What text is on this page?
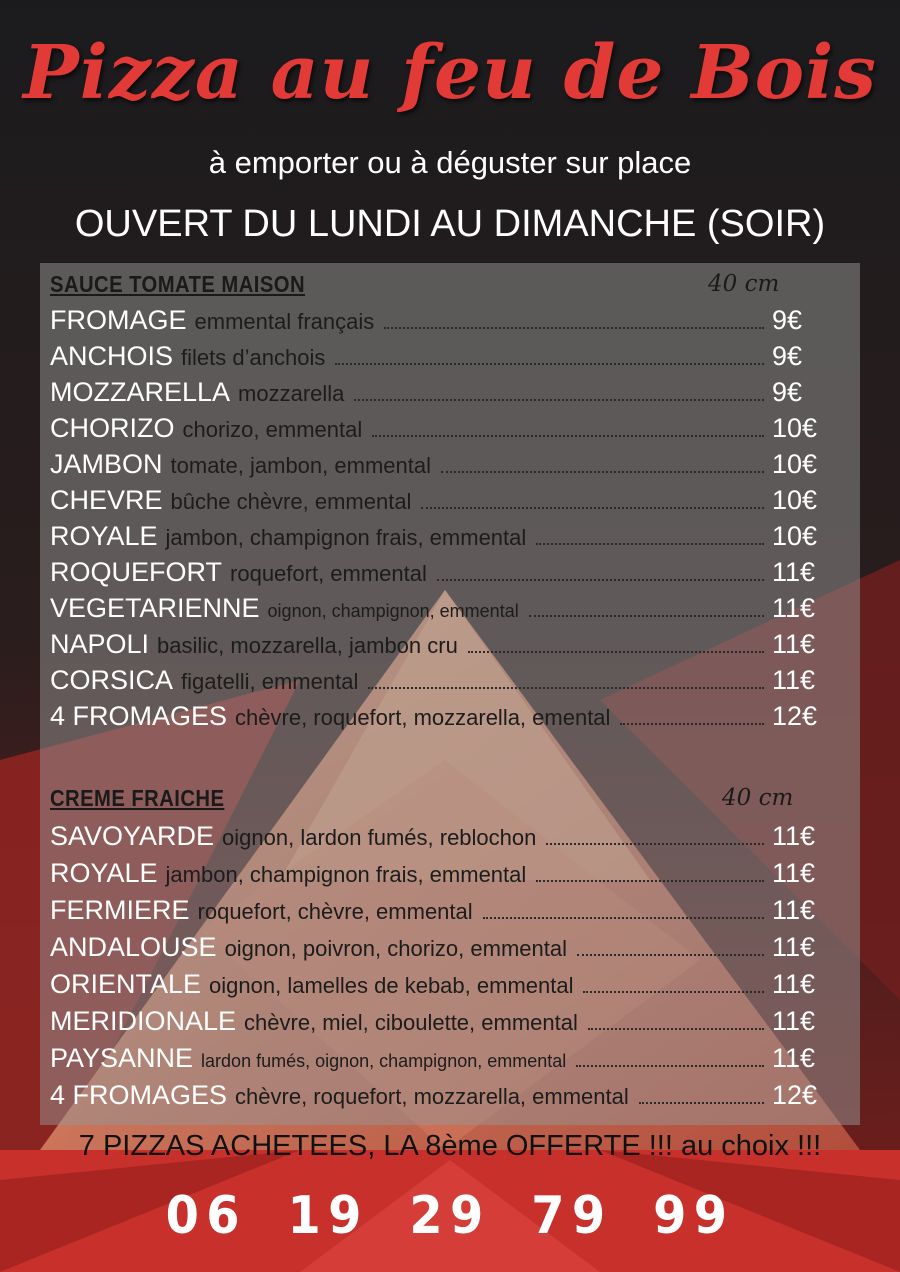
Pizza au feu de Bois
à emporter ou à déguster sur place
OUVERT DU LUNDI AU DIMANCHE (SOIR)
SAUCE TOMATE MAISON	40 cm
FROMAGE emmental français	9€
ANCHOIS filets d’anchois	9€
MOZZARELLA mozzarella	9€
CHORIZO chorizo, emmental	10€
JAMBON tomate, jambon, emmental	10€
CHEVRE bûche chèvre, emmental	10€
ROYALE jambon, champignon frais, emmental	10€
ROQUEFORT roquefort, emmental	11€
VEGETARIENNE oignon, champignon, emmental	11€
NAPOLI basilic, mozzarella, jambon cru	11€
CORSICA figatelli, emmental	11€
4 FROMAGES chèvre, roquefort, mozzarella, emental	12€
CREME FRAICHE	40 cm
SAVOYARDE oignon, lardon fumés, reblochon	11€
ROYALE jambon, champignon frais, emmental	11€
FERMIERE roquefort, chèvre, emmental	11€
ANDALOUSE oignon, poivron, chorizo, emmental	11€
ORIENTALE oignon, lamelles de kebab, emmental	11€
MERIDIONALE chèvre, miel, ciboulette, emmental	11€
PAYSANNE lardon fumés, oignon, champignon, emmental	11€
4 FROMAGES chèvre, roquefort, mozzarella, emmental	12€
7 PIZZAS ACHETEES, LA 8ème OFFERTE !!! au choix !!!
06 19 29 79 99
